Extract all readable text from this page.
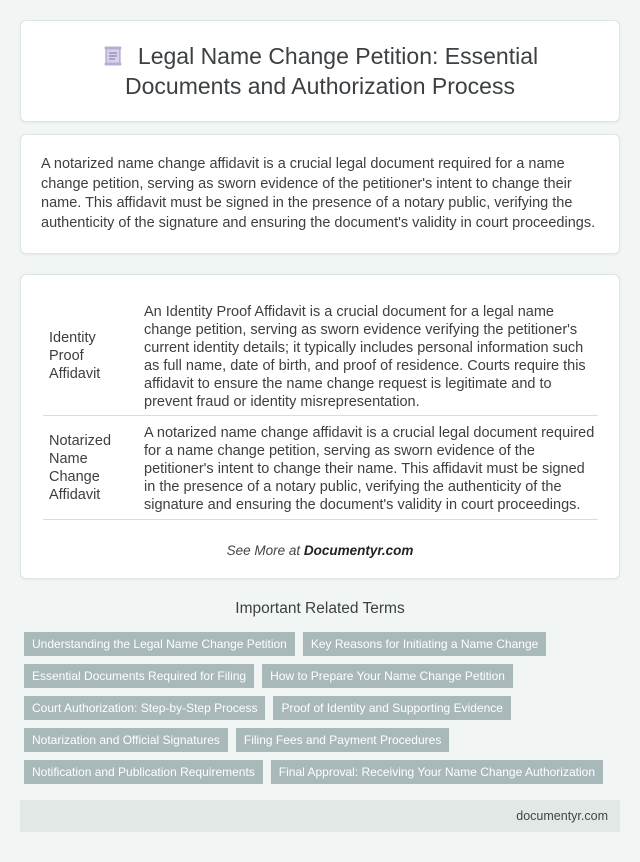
Legal Name Change Petition: Essential
Documents and Authorization Process

A notarized name change affidavit is a crucial legal document required for a name change petition, serving as sworn evidence of the petitioner's intent to change their name. This affidavit must be signed in the presence of a notary public, verifying the authenticity of the signature and ensuring the document's validity in court proceedings.

Identity Proof Affidavit	An Identity Proof Affidavit is a crucial document for a legal name change petition, serving as sworn evidence verifying the petitioner's current identity details; it typically includes personal information such as full name, date of birth, and proof of residence. Courts require this affidavit to ensure the name change request is legitimate and to prevent fraud or identity misrepresentation.
Notarized Name Change Affidavit	A notarized name change affidavit is a crucial legal document required for a name change petition, serving as sworn evidence of the petitioner's intent to change their name. This affidavit must be signed in the presence of a notary public, verifying the authenticity of the signature and ensuring the document's validity in court proceedings.
See More at Documentyr.com
Important Related Terms
Understanding the Legal Name Change Petition	Key Reasons for Initiating a Name Change
Essential Documents Required for Filing	How to Prepare Your Name Change Petition
Court Authorization: Step-by-Step Process	Proof of Identity and Supporting Evidence
Notarization and Official Signatures	Filing Fees and Payment Procedures
Notification and Publication Requirements	Final Approval: Receiving Your Name Change Authorization
documentyr.com
